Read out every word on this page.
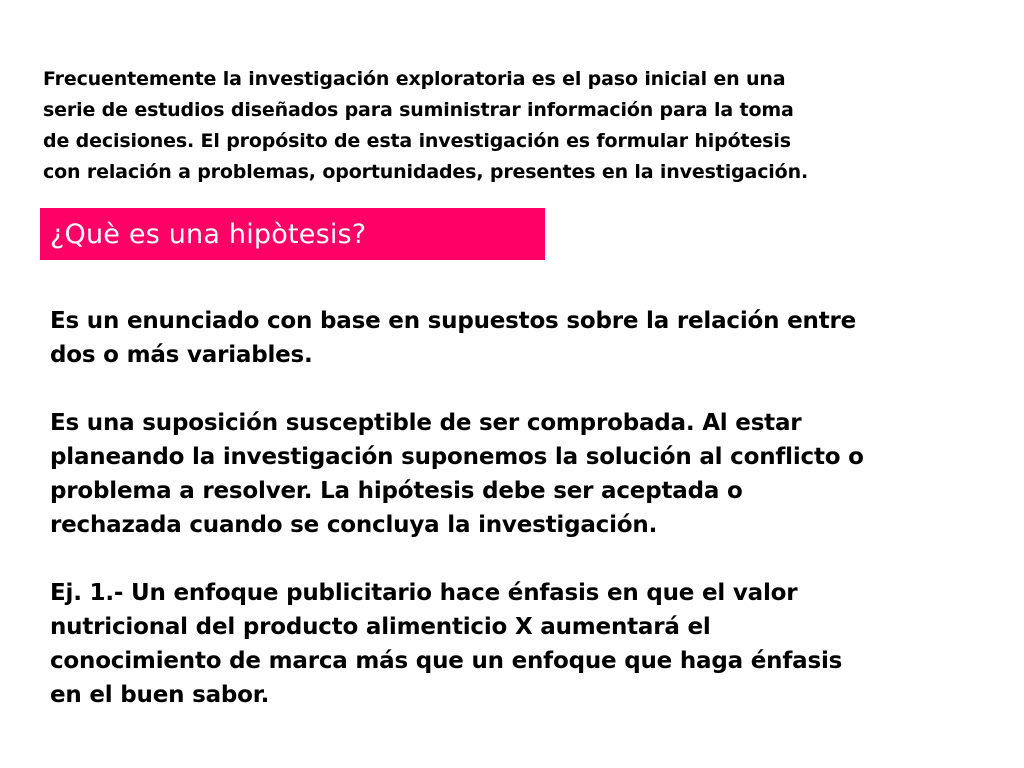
Frecuentemente la investigación exploratoria es el paso inicial en una
serie de estudios diseñados para suministrar información para la toma
de decisiones. El propósito de esta investigación es formular hipótesis
con relación a problemas, oportunidades, presentes en la investigación.

¿Què es una hipòtesis?

Es un enunciado con base en supuestos sobre la relación entre
dos o más variables.

Es una suposición susceptible de ser comprobada. Al estar
planeando la investigación suponemos la solución al conflicto o
problema a resolver. La hipótesis debe ser aceptada o
rechazada cuando se concluya la investigación.

Ej. 1.- Un enfoque publicitario hace énfasis en que el valor
nutricional del producto alimenticio X aumentará el
conocimiento de marca más que un enfoque que haga énfasis
en el buen sabor.
